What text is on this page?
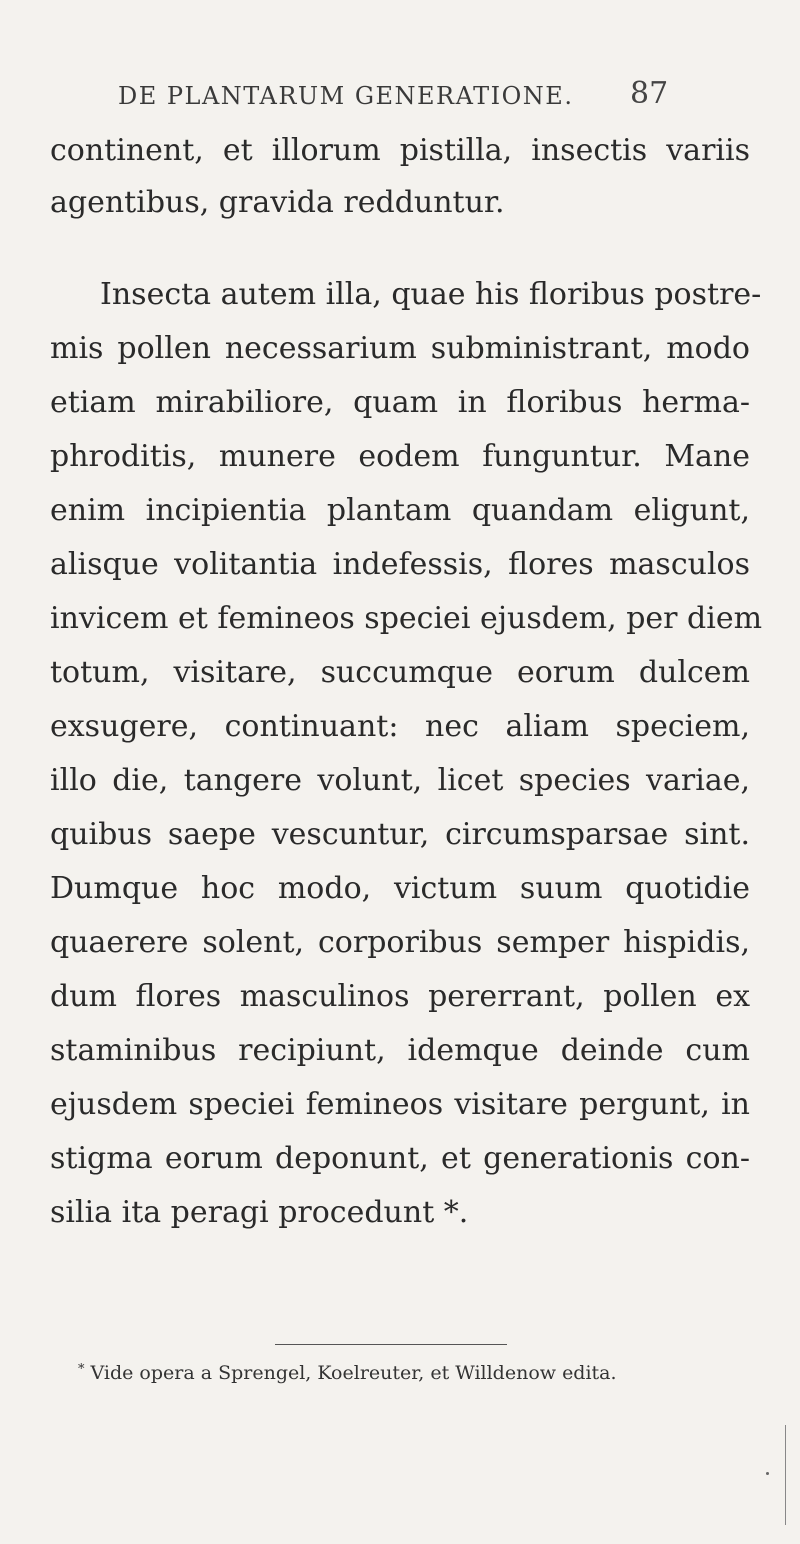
DE PLANTARUM GENERATIONE.	87
continent, et illorum pistilla, insectis variis
agentibus, gravida redduntur.
Insecta autem illa, quae his floribus postre-
mis pollen necessarium subministrant, modo
etiam mirabiliore, quam in floribus herma-
phroditis, munere eodem funguntur. Mane
enim incipientia plantam quandam eligunt,
alisque volitantia indefessis, flores masculos
invicem et femineos speciei ejusdem, per diem
totum, visitare, succumque eorum dulcem
exsugere, continuant: nec aliam speciem,
illo die, tangere volunt, licet species variae,
quibus saepe vescuntur, circumsparsae sint.
Dumque hoc modo, victum suum quotidie
quaerere solent, corporibus semper hispidis,
dum flores masculinos pererrant, pollen ex
staminibus recipiunt, idemque deinde cum
ejusdem speciei femineos visitare pergunt, in
stigma eorum deponunt, et generationis con-
silia ita peragi procedunt *.
* Vide opera a Sprengel, Koelreuter, et Willdenow edita.
